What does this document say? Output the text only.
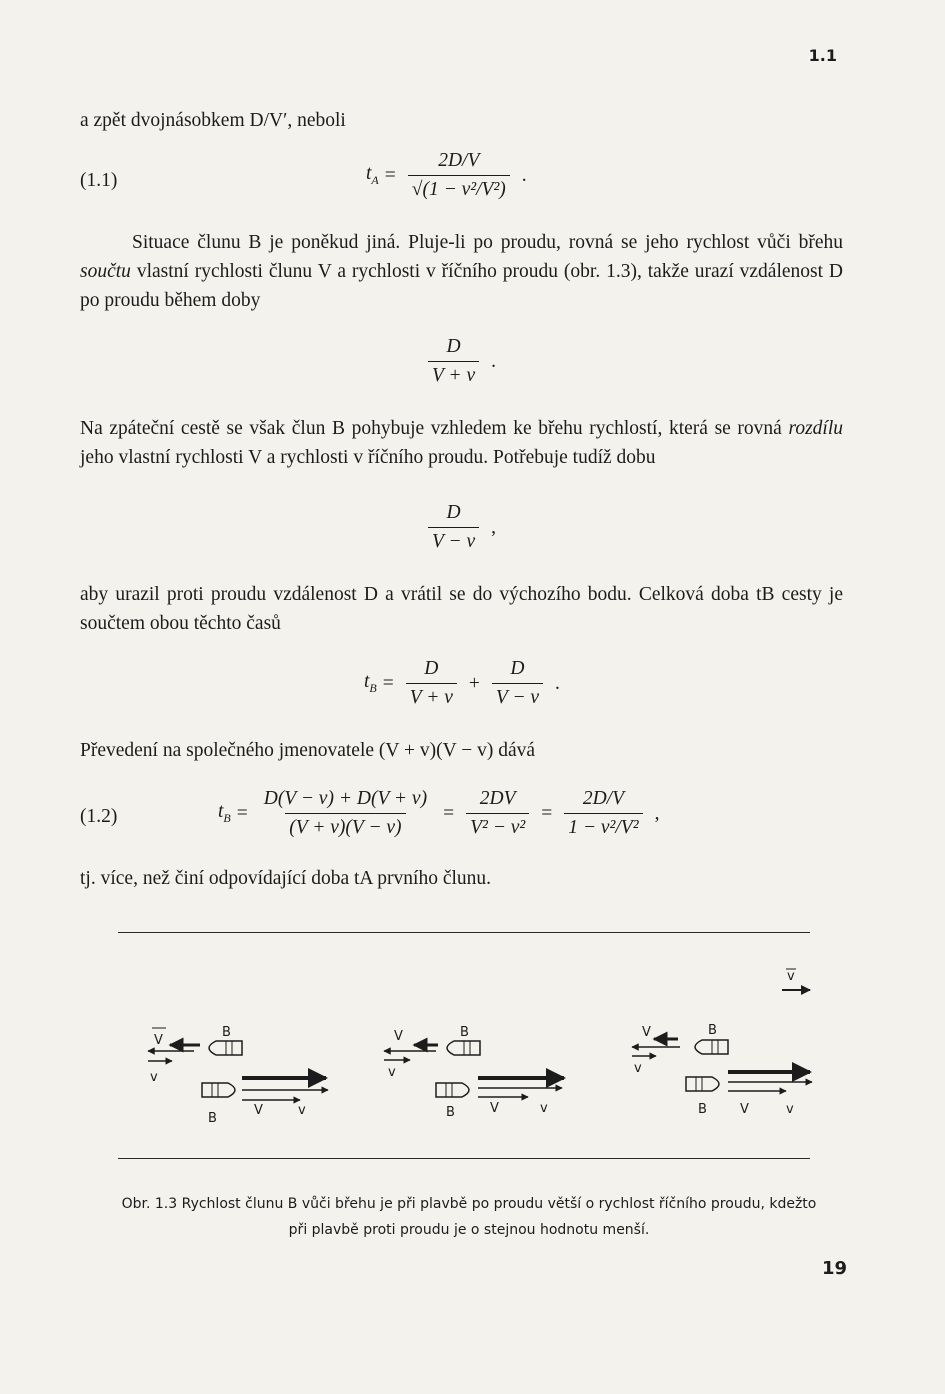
1.1

a zpět dvojnásobkem D/V′, neboli

(1.1)	$t_A = \frac{2D/V}{\text{√(1 − v²/V²)}}$ .

Situace člunu B je poněkud jiná. Pluje-li po proudu, rovná se jeho rychlost vůči břehu součtu vlastní rychlosti člunu V a rychlosti v říčního proudu (obr. 1.3), takže urazí vzdálenost D po proudu během doby

$\frac{D}{V + v}$ .

Na zpáteční cestě se však člun B pohybuje vzhledem ke břehu rychlostí, která se rovná rozdílu jeho vlastní rychlosti V a rychlosti v říčního proudu. Potřebuje tudíž dobu

$\frac{D}{V - v}$ ,

aby urazil proti proudu vzdálenost D a vrátil se do výchozího bodu. Celková doba tB cesty je součtem obou těchto časů

$t_B = \frac{D}{V + v} + \frac{D}{V - v}$ .

Převedení na společného jmenovatele (V + v)(V − v) dává

(1.2)	$t_B = \frac{D(V - v) + D(V + v)}{(V + v)(V - v)} = \frac{2DV}{\text{V² − v²}} = \frac{2D/V}{\text{1 − v²/V²}}$ ,

tj. více, než činí odpovídající doba tA prvního člunu.

v
V
B
v
B
V	v
V	B
v
B	V	v
V	B
v
B	V	v
Obr. 1.3 Rychlost člunu B vůči břehu je při plavbě po proudu větší o rychlost říčního proudu, kdežto
při plavbě proti proudu je o stejnou hodnotu menší.
19
